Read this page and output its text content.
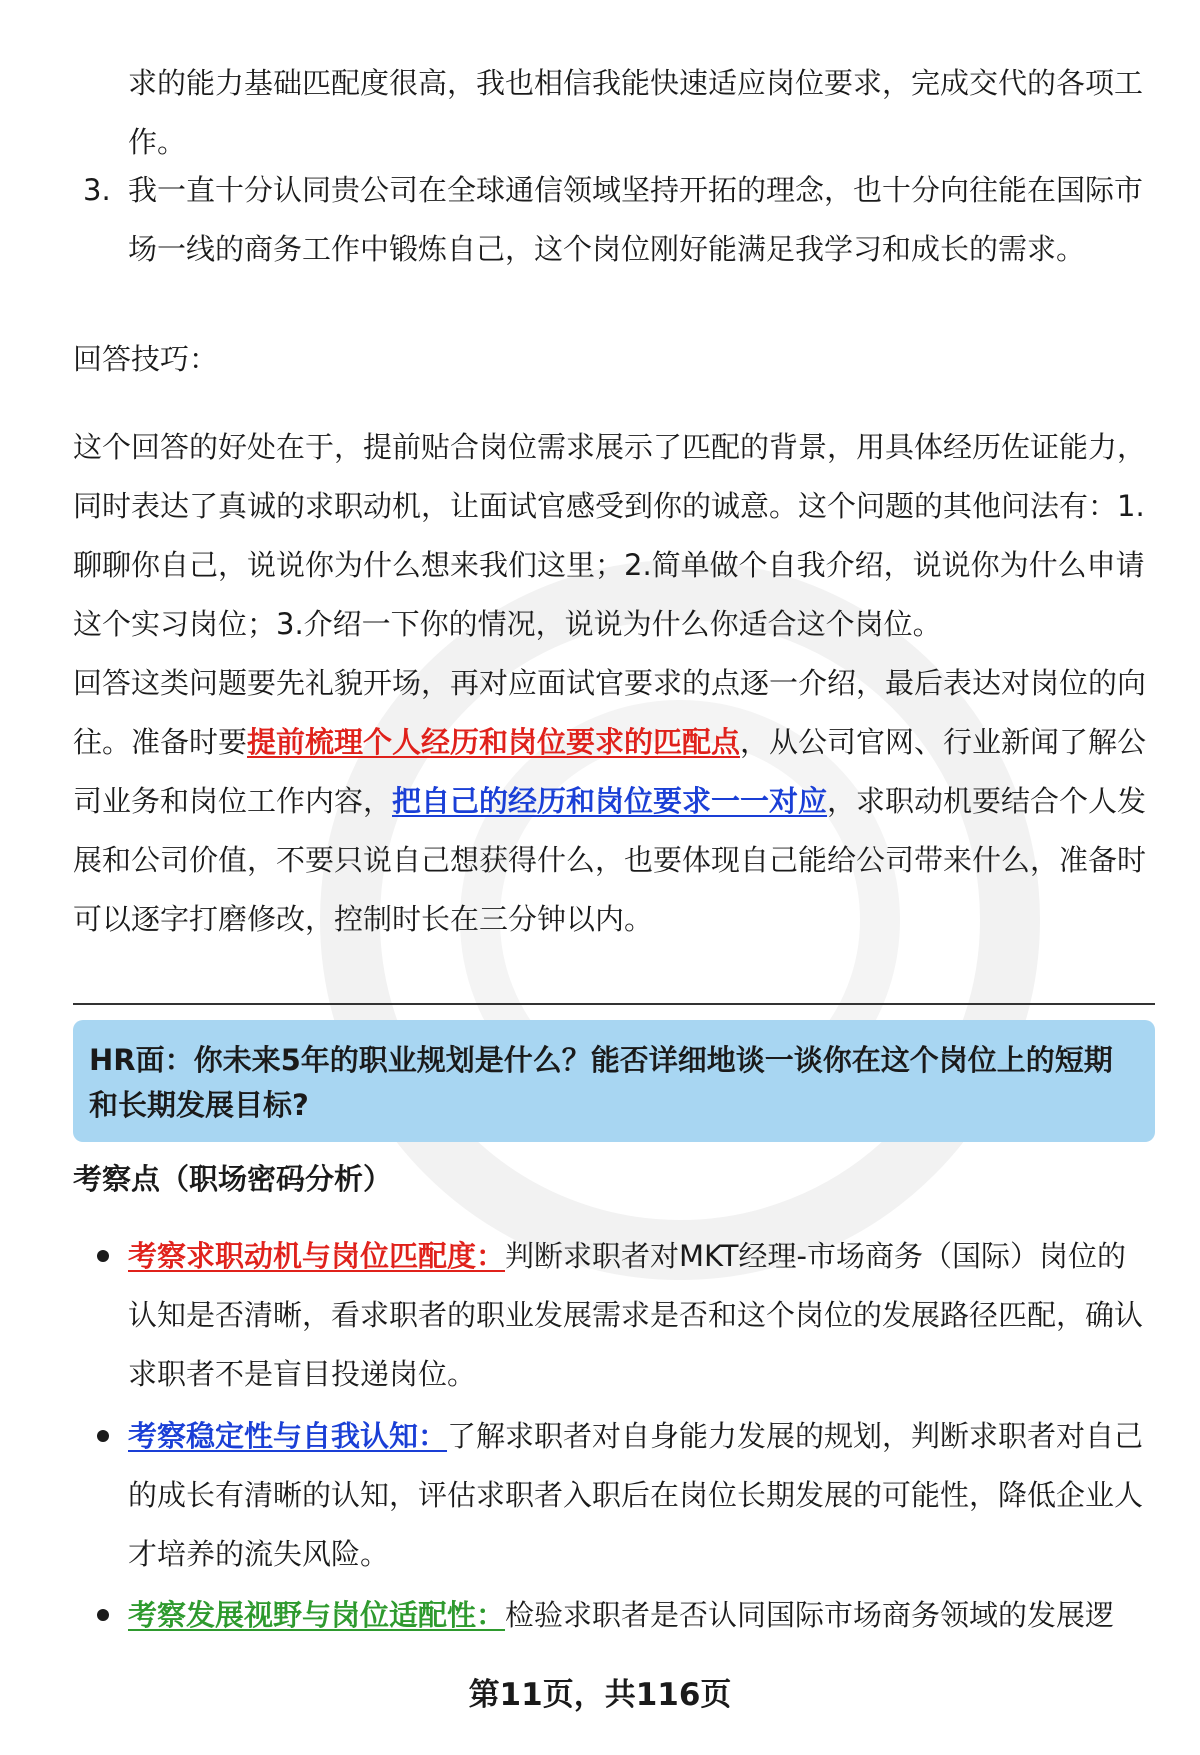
求的能力基础匹配度很高，我也相信我能快速适应岗位要求，完成交代的各项工作。

3. 我一直十分认同贵公司在全球通信领域坚持开拓的理念，也十分向往能在国际市场一线的商务工作中锻炼自己，这个岗位刚好能满足我学习和成长的需求。

回答技巧：

这个回答的好处在于，提前贴合岗位需求展示了匹配的背景，用具体经历佐证能力，同时表达了真诚的求职动机，让面试官感受到你的诚意。这个问题的其他问法有：1.聊聊你自己，说说你为什么想来我们这里；2.简单做个自我介绍，说说你为什么申请这个实习岗位；3.介绍一下你的情况，说说为什么你适合这个岗位。

回答这类问题要先礼貌开场，再对应面试官要求的点逐一介绍，最后表达对岗位的向往。准备时要提前梳理个人经历和岗位要求的匹配点，从公司官网、行业新闻了解公司业务和岗位工作内容，把自己的经历和岗位要求一一对应，求职动机要结合个人发展和公司价值，不要只说自己想获得什么，也要体现自己能给公司带来什么，准备时可以逐字打磨修改，控制时长在三分钟以内。

HR面：你未来5年的职业规划是什么？能否详细地谈一谈你在这个岗位上的短期和长期发展目标?

考察点（职场密码分析）

考察求职动机与岗位匹配度：判断求职者对MKT经理-市场商务（国际）岗位的认知是否清晰，看求职者的职业发展需求是否和这个岗位的发展路径匹配，确认求职者不是盲目投递岗位。

考察稳定性与自我认知：了解求职者对自身能力发展的规划，判断求职者对自己的成长有清晰的认知，评估求职者入职后在岗位长期发展的可能性，降低企业人才培养的流失风险。

考察发展视野与岗位适配性：检验求职者是否认同国际市场商务领域的发展逻

第11页，共116页
